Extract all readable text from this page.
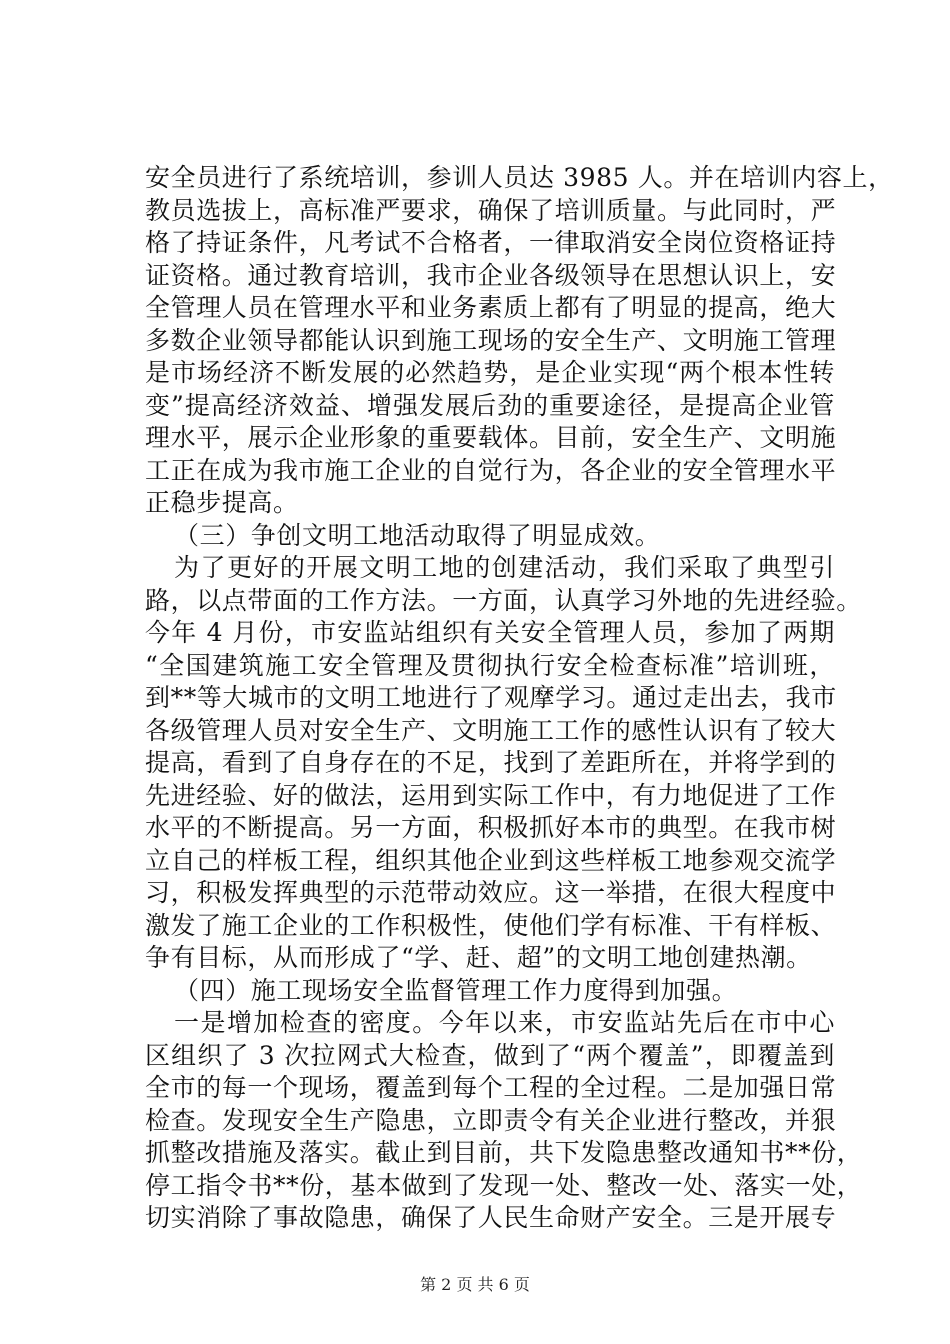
安全员进行了系统培训，参训人员达 3985 人。并在培训内容上，
教员选拔上，高标准严要求，确保了培训质量。与此同时，严
格了持证条件，凡考试不合格者，一律取消安全岗位资格证持
证资格。通过教育培训，我市企业各级领导在思想认识上，安
全管理人员在管理水平和业务素质上都有了明显的提高，绝大
多数企业领导都能认识到施工现场的安全生产、文明施工管理
是市场经济不断发展的必然趋势，是企业实现“两个根本性转
变”提高经济效益、增强发展后劲的重要途径，是提高企业管
理水平，展示企业形象的重要载体。目前，安全生产、文明施
工正在成为我市施工企业的自觉行为，各企业的安全管理水平
正稳步提高。
（三）争创文明工地活动取得了明显成效。
为了更好的开展文明工地的创建活动，我们采取了典型引
路，以点带面的工作方法。一方面，认真学习外地的先进经验。
今年 4 月份，市安监站组织有关安全管理人员，参加了两期
“全国建筑施工安全管理及贯彻执行安全检查标准”培训班，
到**等大城市的文明工地进行了观摩学习。通过走出去，我市
各级管理人员对安全生产、文明施工工作的感性认识有了较大
提高，看到了自身存在的不足，找到了差距所在，并将学到的
先进经验、好的做法，运用到实际工作中，有力地促进了工作
水平的不断提高。另一方面，积极抓好本市的典型。在我市树
立自己的样板工程，组织其他企业到这些样板工地参观交流学
习，积极发挥典型的示范带动效应。这一举措，在很大程度中
激发了施工企业的工作积极性，使他们学有标准、干有样板、
争有目标，从而形成了“学、赶、超”的文明工地创建热潮。
（四）施工现场安全监督管理工作力度得到加强。
一是增加检查的密度。今年以来，市安监站先后在市中心
区组织了 3 次拉网式大检查，做到了“两个覆盖”，即覆盖到
全市的每一个现场，覆盖到每个工程的全过程。二是加强日常
检查。发现安全生产隐患，立即责令有关企业进行整改，并狠
抓整改措施及落实。截止到目前，共下发隐患整改通知书**份，
停工指令书**份，基本做到了发现一处、整改一处、落实一处，
切实消除了事故隐患，确保了人民生命财产安全。三是开展专
第 2 页 共 6 页
